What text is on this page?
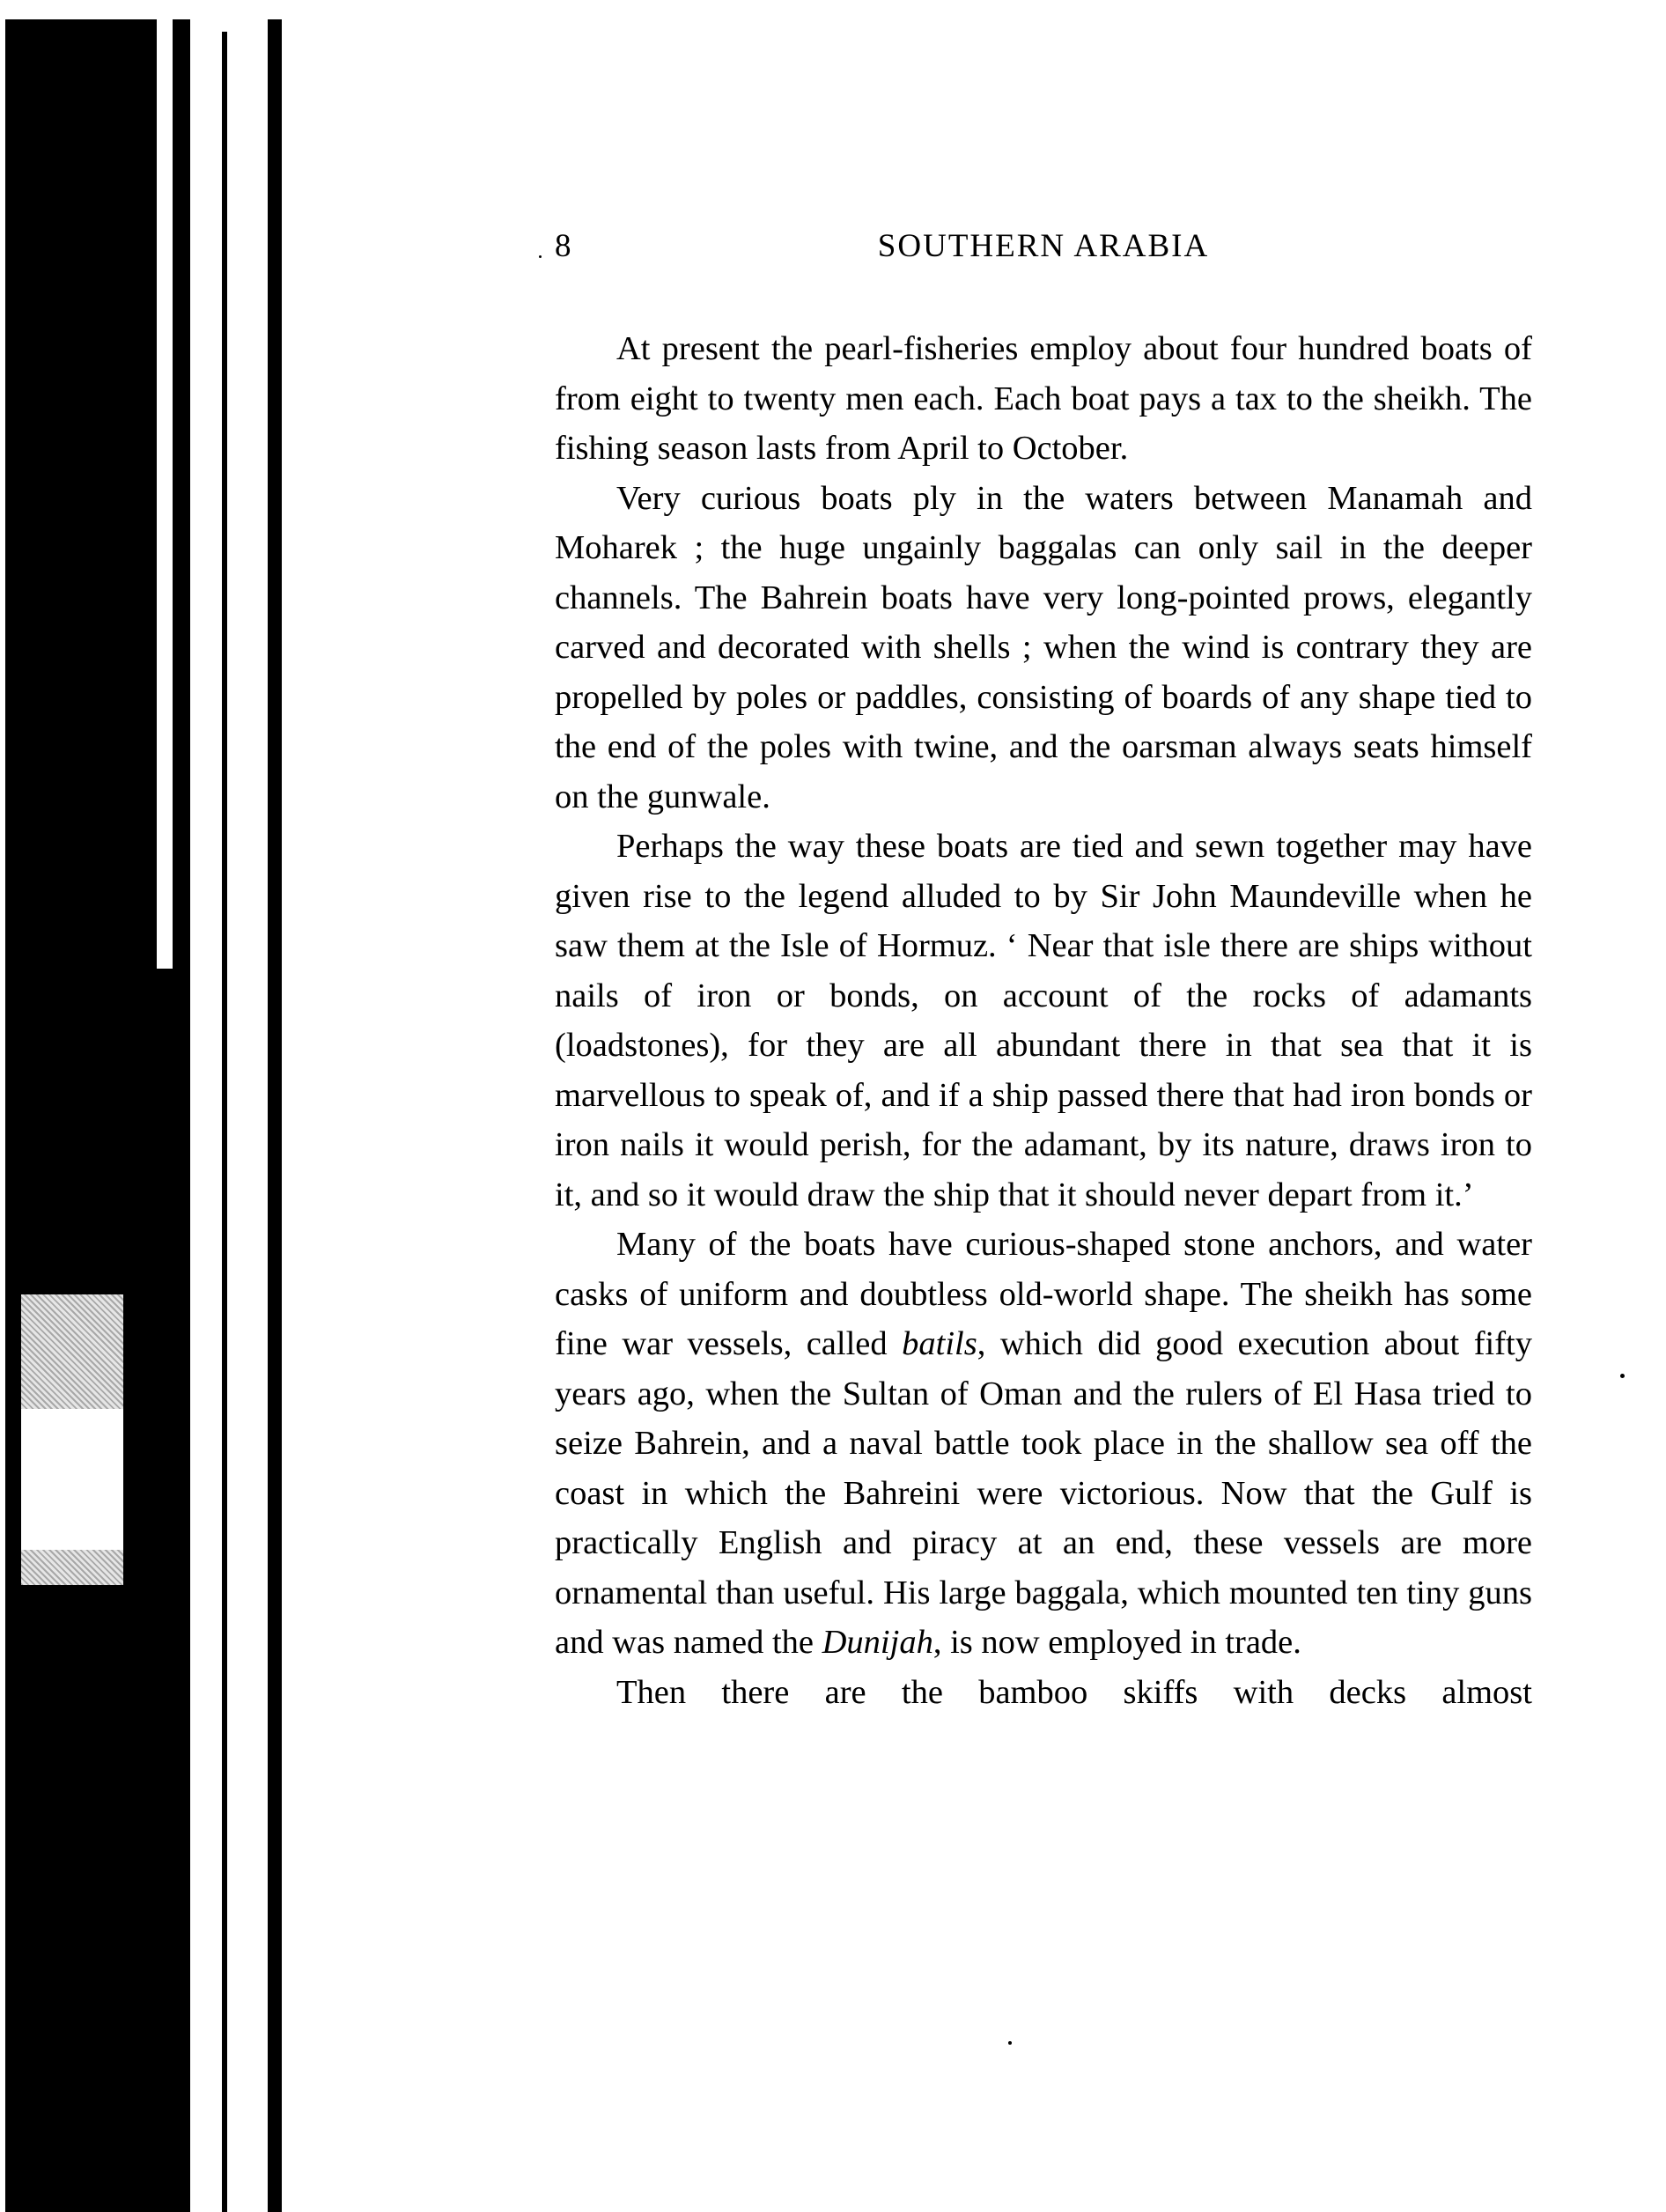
8	SOUTHERN ARABIA

At present the pearl-fisheries employ about four hundred boats of from eight to twenty men each. Each boat pays a tax to the sheikh. The fishing season lasts from April to October.

Very curious boats ply in the waters between Manamah and Moharek ; the huge ungainly baggalas can only sail in the deeper channels. The Bahrein boats have very long-pointed prows, elegantly carved and decorated with shells ; when the wind is contrary they are propelled by poles or paddles, consisting of boards of any shape tied to the end of the poles with twine, and the oarsman always seats himself on the gunwale.

Perhaps the way these boats are tied and sewn together may have given rise to the legend alluded to by Sir John Maundeville when he saw them at the Isle of Hormuz. ‘ Near that isle there are ships without nails of iron or bonds, on account of the rocks of adamants (loadstones), for they are all abundant there in that sea that it is marvellous to speak of, and if a ship passed there that had iron bonds or iron nails it would perish, for the adamant, by its nature, draws iron to it, and so it would draw the ship that it should never depart from it.’

Many of the boats have curious-shaped stone anchors, and water casks of uniform and doubtless old-world shape. The sheikh has some fine war vessels, called batils, which did good execution about fifty years ago, when the Sultan of Oman and the rulers of El Hasa tried to seize Bahrein, and a naval battle took place in the shallow sea off the coast in which the Bahreini were victorious. Now that the Gulf is practically English and piracy at an end, these vessels are more ornamental than useful. His large baggala, which mounted ten tiny guns and was named the Dunijah, is now employed in trade.

Then there are the bamboo skiffs with decks almost
